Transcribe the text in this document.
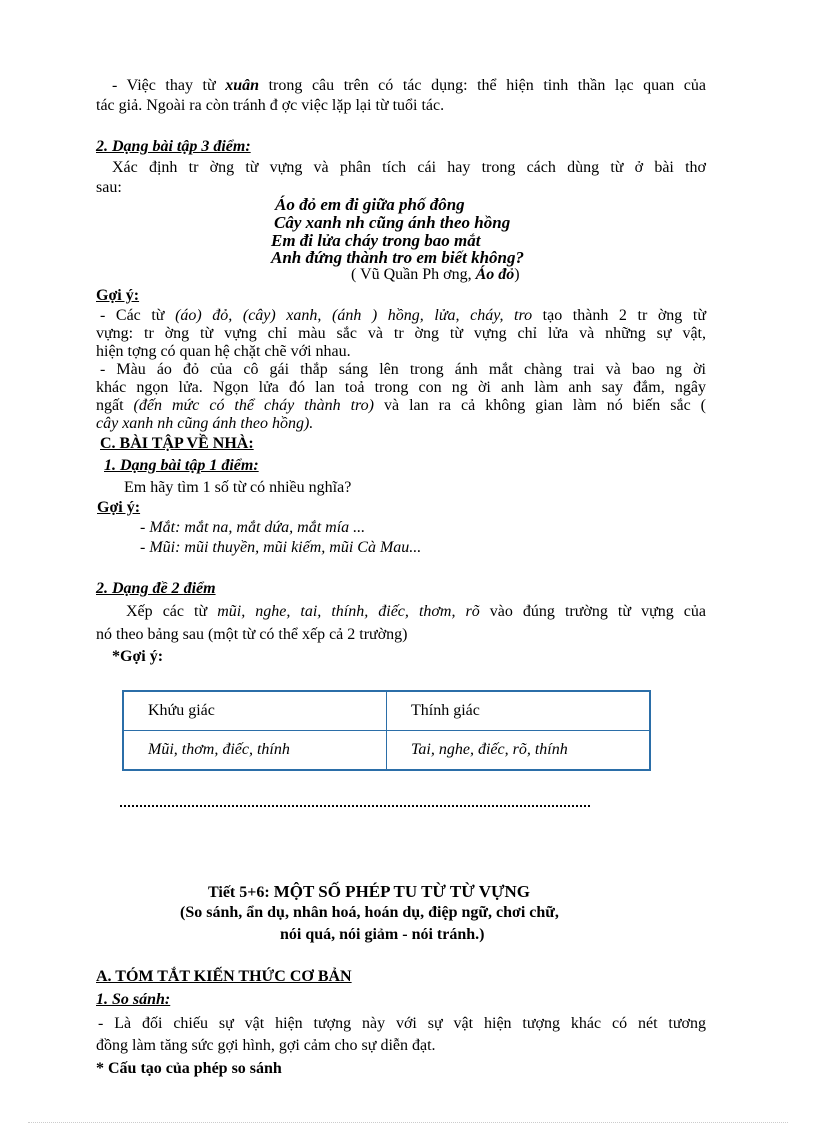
- Việc thay từ xuân trong câu trên có tác dụng: thể hiện tinh thần lạc quan của
tác giả. Ngoài ra còn tránh đ ợc việc lặp lại từ tuổi tác.
2. Dạng bài tập 3 điểm:
Xác định tr ờng từ vựng và phân tích cái hay trong cách dùng từ ở bài thơ
sau:
Áo đỏ em đi giữa phố đông
Cây xanh nh cũng ánh theo hồng
Em đi lửa cháy trong bao mắt
Anh đứng thành tro em biết không?
( Vũ Quần Ph ơng, Áo đỏ)
Gợi ý:
- Các từ (áo) đỏ, (cây) xanh, (ánh ) hồng, lửa, cháy, tro tạo thành 2 tr ờng từ
vựng: tr ờng từ vựng chỉ màu sắc và tr ờng từ vựng chỉ lửa và những sự vật,
hiện tợng có quan hệ chặt chẽ với nhau.
- Màu áo đỏ của cô gái thắp sáng lên trong ánh mắt chàng trai và bao ng ời
khác ngọn lửa. Ngọn lửa đó lan toả trong con ng ời anh làm anh say đắm, ngây
ngất (đến mức có thể cháy thành tro) và lan ra cả không gian làm nó biến sắc (
cây xanh nh cũng ánh theo hồng).
C. BÀI TẬP VỀ NHÀ:
1. Dạng bài tập 1 điểm:
Em hãy tìm 1 số từ có nhiều nghĩa?
Gợi ý:
- Mắt: mắt na, mắt dứa, mắt mía ...
- Mũi: mũi thuyền, mũi kiếm, mũi Cà Mau...
2. Dạng đề 2 điểm
Xếp các từ mũi, nghe, tai, thính, điếc, thơm, rõ vào đúng trường từ vựng của
nó theo bảng sau (một từ có thể xếp cả 2 trường)
*Gợi ý:
Khứu giác	Thính giác
Mũi, thơm, điếc, thính	Tai, nghe, điếc, rõ, thính
Tiết 5+6: MỘT SỐ PHÉP TU TỪ TỪ VỰNG
(So sánh, ẩn dụ, nhân hoá, hoán dụ, điệp ngữ, chơi chữ,
nói quá, nói giảm - nói tránh.)
A. TÓM TẮT KIẾN THỨC CƠ BẢN
1. So sánh:
- Là đối chiếu sự vật hiện tượng này với sự vật hiện tượng khác có nét tương
đồng làm tăng sức gợi hình, gợi cảm cho sự diễn đạt.
* Cấu tạo của phép so sánh
